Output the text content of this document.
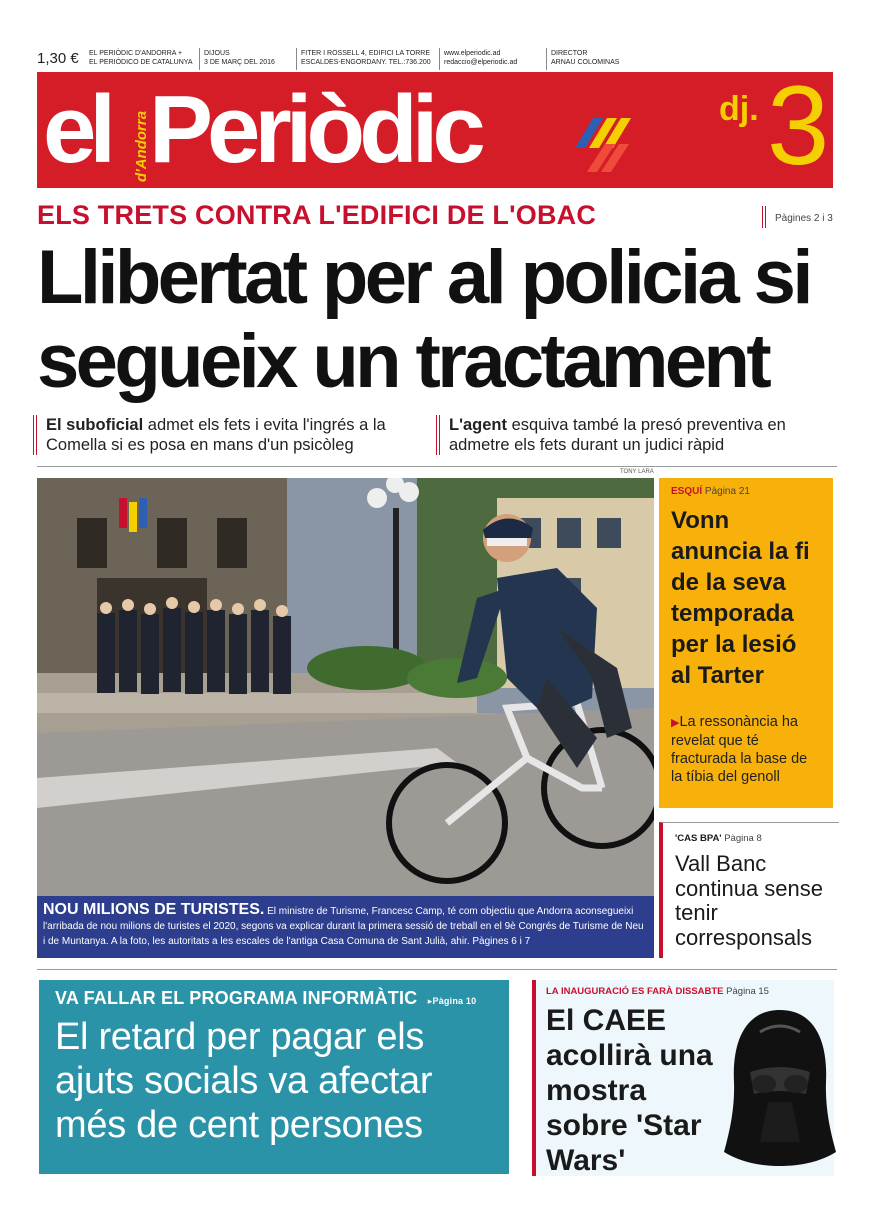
1,30 €	EL PERIÒDIC D'ANDORRA +
EL PERIÓDICO DE CATALUNYA
DIJOUS
3 DE MARÇ DEL 2016
FITER I ROSSELL 4, EDIFICI LA TORRE
ESCALDES-ENGORDANY. TEL.:736.200
www.elperiodic.ad
redaccio@elperiodic.ad
DIRECTOR
ARNAU COLOMINAS
el d'Andorra Periòdic	dj. 3
ELS TRETS CONTRA L'EDIFICI DE L'OBAC	Pàgines 2 i 3
Llibertat per al policia si segueix un tractament
El suboficial admet els fets i evita l'ingrés a la Comella si es posa en mans d'un psicòleg
L'agent esquiva també la presó preventiva en admetre els fets durant un judici ràpid
TONY LARA
NOU MILIONS DE TURISTES. El ministre de Turisme, Francesc Camp, té com objectiu que Andorra aconsegueixi l'arribada de nou milions de turistes el 2020, segons va explicar durant la primera sessió de treball en el 9è Congrés de Turisme de Neu i de Muntanya. A la foto, les autoritats a les escales de l'antiga Casa Comuna de Sant Julià, ahir. Pàgines 6 i 7
ESQUÍ Pàgina 21
Vonn anuncia la fi de la seva temporada per la lesió al Tarter
▶La ressonància ha revelat que té fracturada la base de la tíbia del genoll
'CAS BPA' Pàgina 8
Vall Banc continua sense tenir corresponsals
VA FALLAR EL PROGRAMA INFORMÀTIC ▸Pàgina 10
El retard per pagar els ajuts socials va afectar més de cent persones
LA INAUGURACIÓ ES FARÀ DISSABTE Pàgina 15
El CAEE acollirà una mostra sobre 'Star Wars'
